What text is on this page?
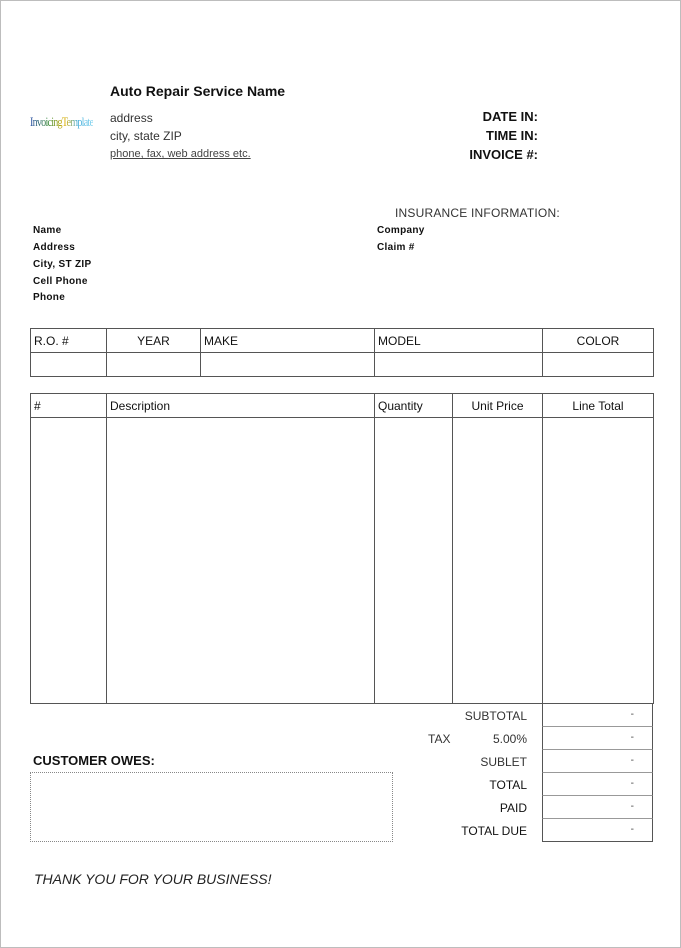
InvoicingTemplate
Auto Repair Service Name
address
city, state ZIP
phone, fax, web address etc.
DATE IN:
TIME IN:
INVOICE #:
INSURANCE INFORMATION:
Company
Claim #
Name
Address
City, ST ZIP
Cell Phone
Phone
R.O. #	YEAR	MAKE	MODEL	COLOR

#	Description	Quantity	Unit Price	Line Total

SUBTOTAL	-
TAX	5.00%	-
SUBLET	-
TOTAL	-
PAID	-
TOTAL DUE	-
CUSTOMER OWES:
THANK YOU FOR YOUR BUSINESS!
